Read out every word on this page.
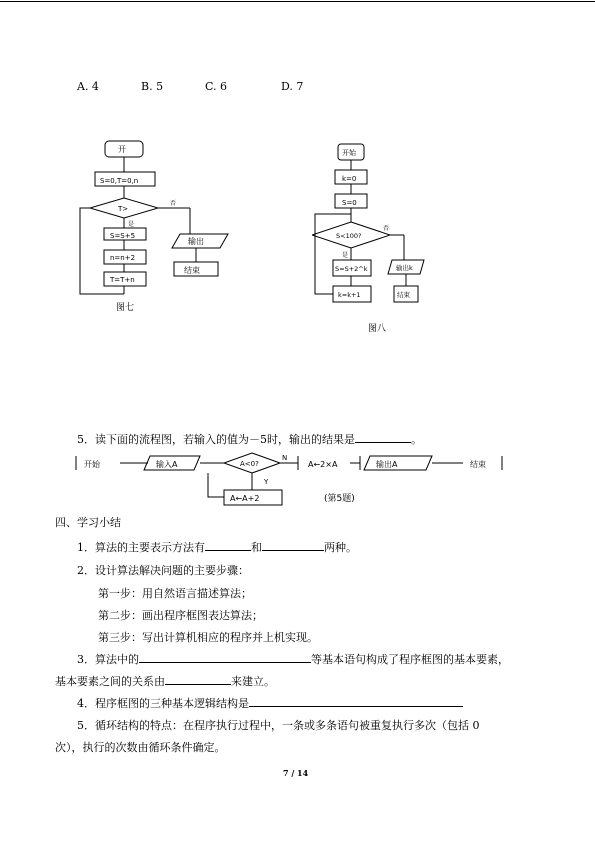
A. 4	B. 5	C. 6	D. 7
开
S=0,T=0,n
T>
是
否
S=S+5
n=n+2
T=T+n
输出
结束
图七
开始
k=0
S=0
S<100?
是
否
S=S+2^k
k=k+1
输出k
结束
图八
5．读下面的流程图，若输入的值为－5时，输出的结果是	。
开始	输入A	A<0?
N
Y
A←2×A	输出A	结束
A←A+2	(第5题)
四、学习小结
1．算法的主要表示方法有	和	两种。
2．设计算法解决问题的主要步骤：
第一步：用自然语言描述算法；
第二步：画出程序框图表达算法；
第三步：写出计算机相应的程序并上机实现。
3．算法中的	等基本语句构成了程序框图的基本要素，
基本要素之间的关系由	来建立。
4．程序框图的三种基本逻辑结构是
5．循环结构的特点：在程序执行过程中，一条或多条语句被重复执行多次（包括 0
次），执行的次数由循环条件确定。
7 / 14
